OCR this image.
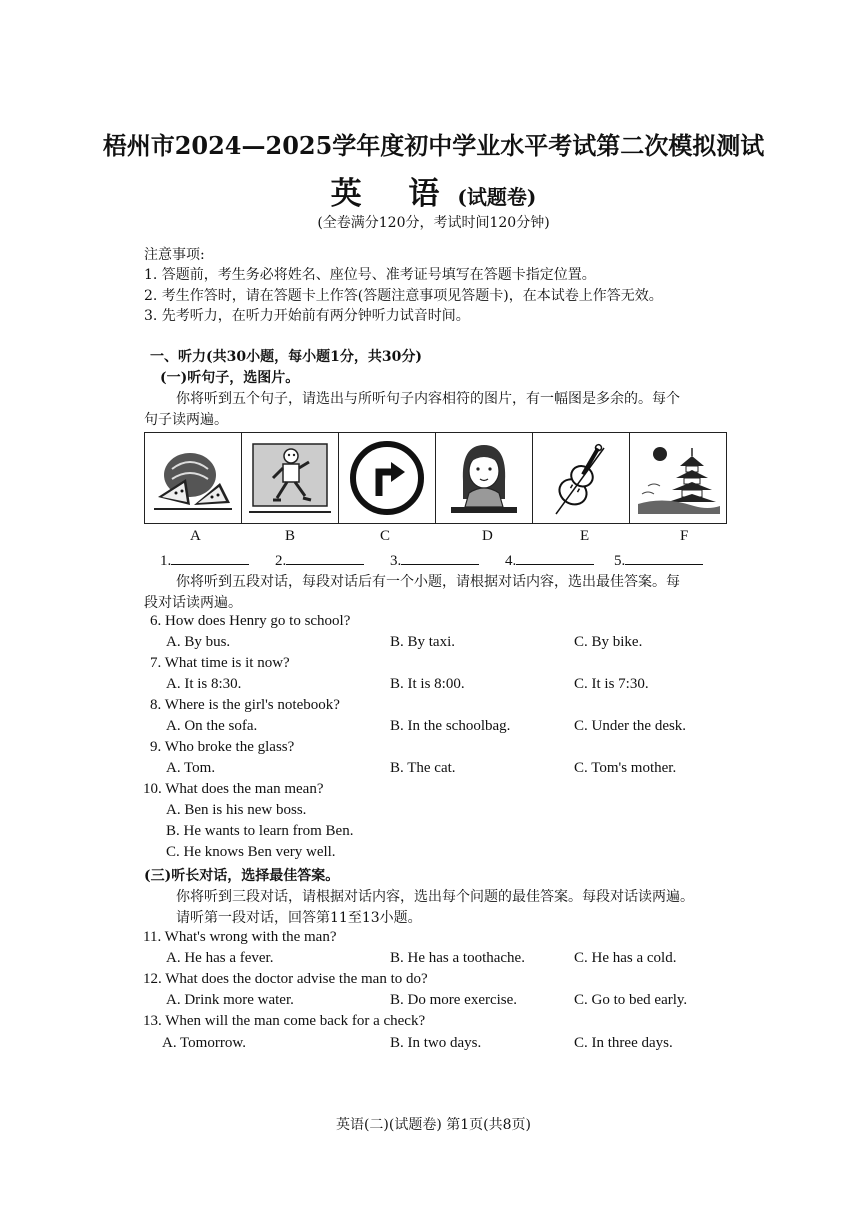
梧州市2024—2025学年度初中学业水平考试第二次模拟测试
英 语(试题卷)
(全卷满分120分，考试时间120分钟)
注意事项:
1. 答题前，考生务必将姓名、座位号、准考证号填写在答题卡指定位置。
2. 考生作答时，请在答题卡上作答(答题注意事项见答题卡)，在本试卷上作答无效。
3. 先考听力，在听力开始前有两分钟听力试音时间。
一、听力(共30小题，每小题1分，共30分)
(一)听句子，选图片。
你将听到五个句子，请选出与所听句子内容相符的图片，有一幅图是多余的。每个
句子读两遍。
A	B	C	D	E	F
1.	2.	3.	4.	5.
你将听到五段对话，每段对话后有一个小题，请根据对话内容，选出最佳答案。每
段对话读两遍。
6. How does Henry go to school?
A. By bus.	B. By taxi.	C. By bike.
7. What time is it now?
A. It is 8:30.	B. It is 8:00.	C. It is 7:30.
8. Where is the girl's notebook?
A. On the sofa.	B. In the schoolbag.	C. Under the desk.
9. Who broke the glass?
A. Tom.	B. The cat.	C. Tom's mother.
10. What does the man mean?
A. Ben is his new boss.
B. He wants to learn from Ben.
C. He knows Ben very well.
(三)听长对话，选择最佳答案。
你将听到三段对话，请根据对话内容，选出每个问题的最佳答案。每段对话读两遍。
请听第一段对话，回答第11至13小题。
11. What's wrong with the man?
A. He has a fever.	B. He has a toothache.	C. He has a cold.
12. What does the doctor advise the man to do?
A. Drink more water.	B. Do more exercise.	C. Go to bed early.
13. When will the man come back for a check?
A. Tomorrow.	B. In two days.	C. In three days.
英语(二)(试题卷) 第1页(共8页)
